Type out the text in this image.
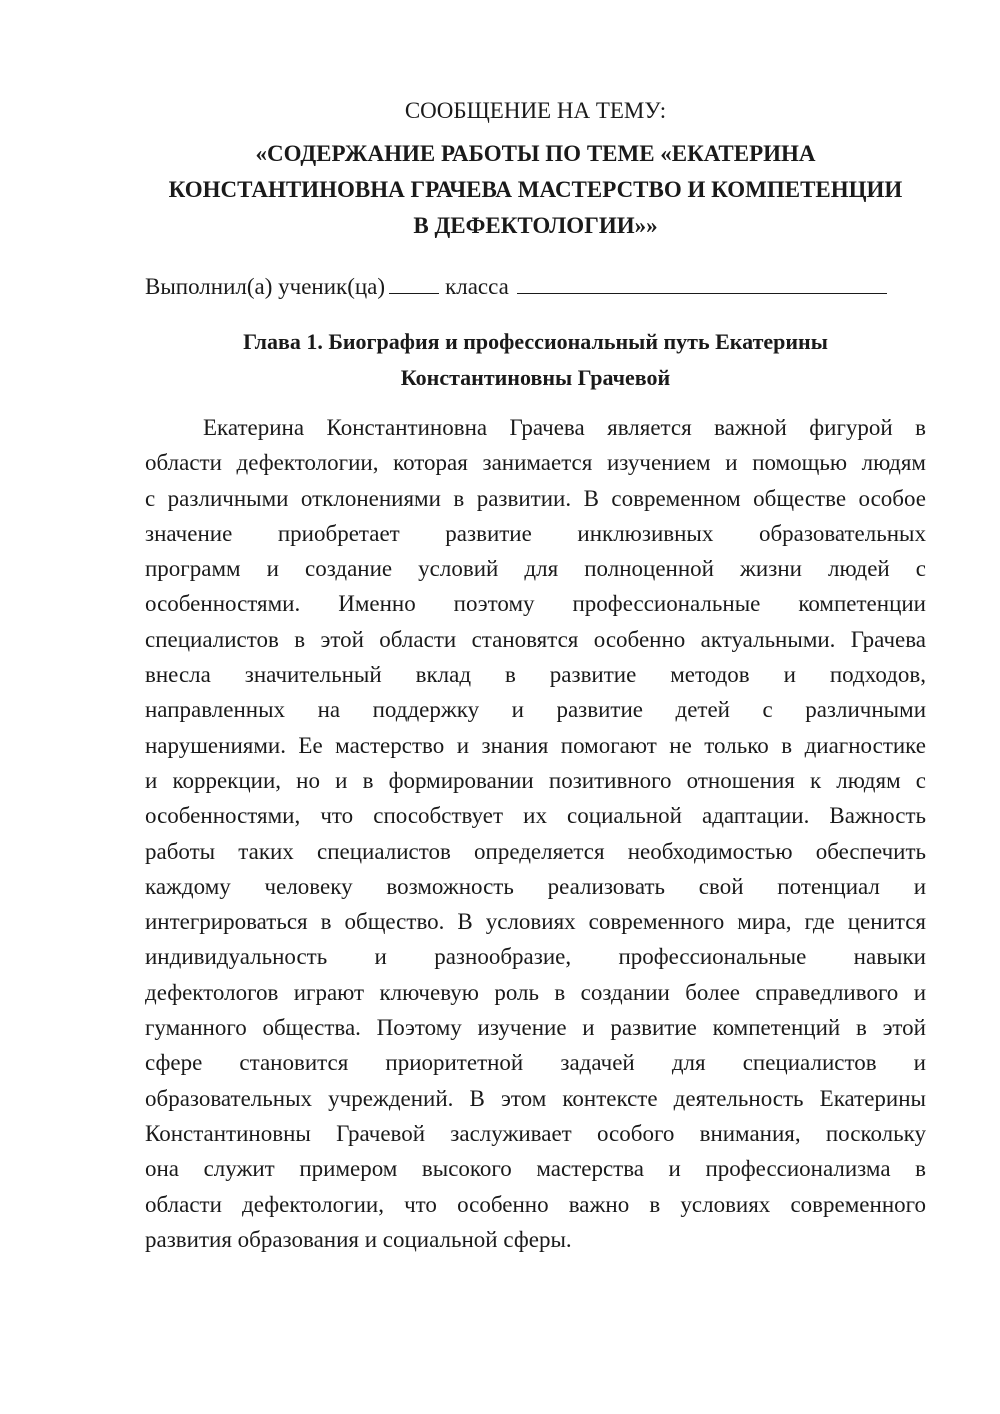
СООБЩЕНИЕ НА ТЕМУ:

«СОДЕРЖАНИЕ РАБОТЫ ПО ТЕМЕ «ЕКАТЕРИНА
КОНСТАНТИНОВНА ГРАЧЕВА МАСТЕРСТВО И КОМПЕТЕНЦИИ
В ДЕФЕКТОЛОГИИ»»

Выполнил(а) ученик(ца)	класса

Глава 1. Биография и профессиональный путь Екатерины
Константиновны Грачевой
Екатерина Константиновна Грачева является важной фигурой в
области дефектологии, которая занимается изучением и помощью людям
с различными отклонениями в развитии. В современном обществе особое
значение приобретает развитие инклюзивных образовательных
программ и создание условий для полноценной жизни людей с
особенностями. Именно поэтому профессиональные компетенции
специалистов в этой области становятся особенно актуальными. Грачева
внесла значительный вклад в развитие методов и подходов,
направленных на поддержку и развитие детей с различными
нарушениями. Ее мастерство и знания помогают не только в диагностике
и коррекции, но и в формировании позитивного отношения к людям с
особенностями, что способствует их социальной адаптации. Важность
работы таких специалистов определяется необходимостью обеспечить
каждому человеку возможность реализовать свой потенциал и
интегрироваться в общество. В условиях современного мира, где ценится
индивидуальность и разнообразие, профессиональные навыки
дефектологов играют ключевую роль в создании более справедливого и
гуманного общества. Поэтому изучение и развитие компетенций в этой
сфере становится приоритетной задачей для специалистов и
образовательных учреждений. В этом контексте деятельность Екатерины
Константиновны Грачевой заслуживает особого внимания, поскольку
она служит примером высокого мастерства и профессионализма в
области дефектологии, что особенно важно в условиях современного
развития образования и социальной сферы.
